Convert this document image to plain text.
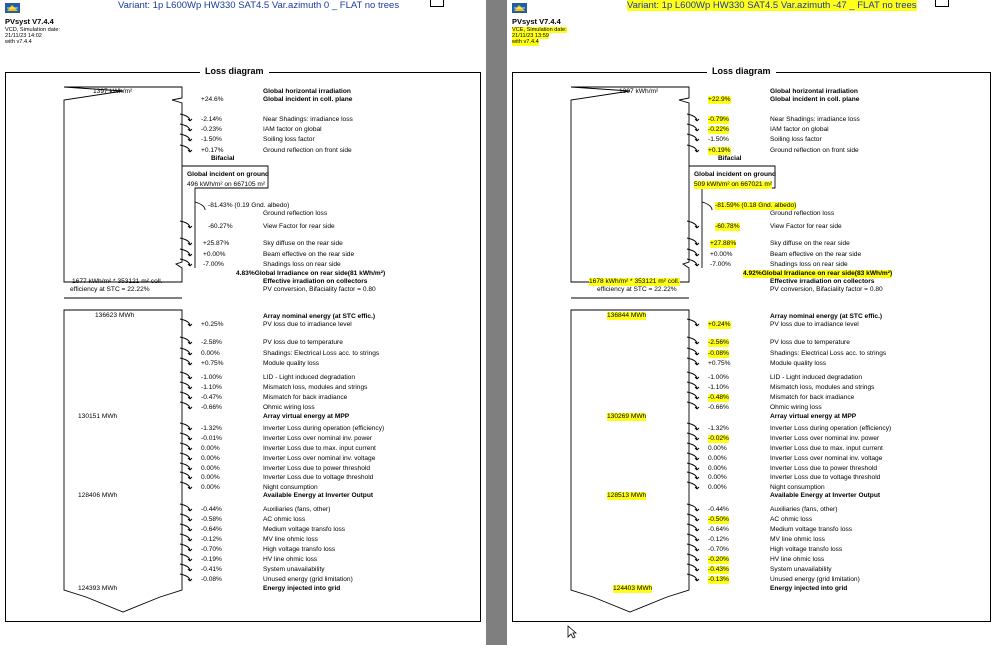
Variant: 1p L600Wp HW330 SAT4.5 Var.azimuth 0 _ FLAT no trees
PVsyst V7.4.4
VCD, Simulation date:
21/11/23 14:02
with v7.4.4

Loss diagram
Bifacial
1397 kWh/m²	Global horizontal irradiation
+24.6%	Global incident in coll. plane
-2.14%	Near Shadings: irradiance loss
-0.23%	IAM factor on global
-1.50%	Soiling loss factor
+0.17%	Ground reflection on front side
Global incident on ground
496 kWh/m² on 667105 m²
-81.43% (0.19 Gnd. albedo)
Ground reflection loss
-60.27%	View Factor for rear side
+25.87%	Sky diffuse on the rear side
+0.00%	Beam effective on the rear side
-7.00%	Shadings loss on rear side
4.83%Global Irradiance on rear side(81 kWh/m²)
1677 kWh/m² * 353121 m² coll.	Effective irradiation on collectors
efficiency at STC = 22.22%	PV conversion, Bifaciality factor = 0.80
136623 MWh	Array nominal energy (at STC effic.)
+0.25%	PV loss due to irradiance level
-2.58%	PV loss due to temperature
0.00%	Shadings: Electrical Loss acc. to strings
+0.75%	Module quality loss
-1.00%	LID - Light induced degradation
-1.10%	Mismatch loss, modules and strings
-0.47%	Mismatch for back irradiance
-0.66%	Ohmic wiring loss
130151 MWh	Array virtual energy at MPP
-1.32%	Inverter Loss during operation (efficiency)
-0.01%	Inverter Loss over nominal inv. power
0.00%	Inverter Loss due to max. input current
0.00%	Inverter Loss over nominal inv. voltage
0.00%	Inverter Loss due to power threshold
0.00%	Inverter Loss due to voltage threshold
0.00%	Night consumption
128406 MWh	Available Energy at Inverter Output
-0.44%	Auxiliaries (fans, other)
-0.58%	AC ohmic loss
-0.64%	Medium voltage transfo loss
-0.12%	MV line ohmic loss
-0.70%	High voltage transfo loss
-0.19%	HV line ohmic loss
-0.41%	System unavailability
-0.08%	Unused energy (grid limitation)
124393 MWh	Energy injected into grid
Variant: 1p L600Wp HW330 SAT4.5 Var.azimuth -47 _ FLAT no trees
PVsyst V7.4.4
VCE, Simulation date:
21/11/23 13:59
with v7.4.4

Loss diagram
Bifacial
1397 kWh/m²	Global horizontal irradiation
+22.9%	Global incident in coll. plane
-0.79%	Near Shadings: irradiance loss
-0.22%	IAM factor on global
-1.50%	Soiling loss factor
+0.19%	Ground reflection on front side
Global incident on ground
509 kWh/m² on 667021 m²
-81.59% (0.18 Gnd. albedo)
Ground reflection loss
-60.78%	View Factor for rear side
+27.88%	Sky diffuse on the rear side
+0.00%	Beam effective on the rear side
-7.00%	Shadings loss on rear side
4.92%Global Irradiance on rear side(83 kWh/m²)
1678 kWh/m² * 353121 m² coll.	Effective irradiation on collectors
efficiency at STC = 22.22%	PV conversion, Bifaciality factor = 0.80
136844 MWh	Array nominal energy (at STC effic.)
+0.24%	PV loss due to irradiance level
-2.56%	PV loss due to temperature
-0.08%	Shadings: Electrical Loss acc. to strings
+0.75%	Module quality loss
-1.00%	LID - Light induced degradation
-1.10%	Mismatch loss, modules and strings
-0.48%	Mismatch for back irradiance
-0.66%	Ohmic wiring loss
130269 MWh	Array virtual energy at MPP
-1.32%	Inverter Loss during operation (efficiency)
-0.02%	Inverter Loss over nominal inv. power
0.00%	Inverter Loss due to max. input current
0.00%	Inverter Loss over nominal inv. voltage
0.00%	Inverter Loss due to power threshold
0.00%	Inverter Loss due to voltage threshold
0.00%	Night consumption
128513 MWh	Available Energy at Inverter Output
-0.44%	Auxiliaries (fans, other)
-0.50%	AC ohmic loss
-0.64%	Medium voltage transfo loss
-0.12%	MV line ohmic loss
-0.70%	High voltage transfo loss
-0.20%	HV line ohmic loss
-0.43%	System unavailability
-0.13%	Unused energy (grid limitation)
124403 MWh	Energy injected into grid
